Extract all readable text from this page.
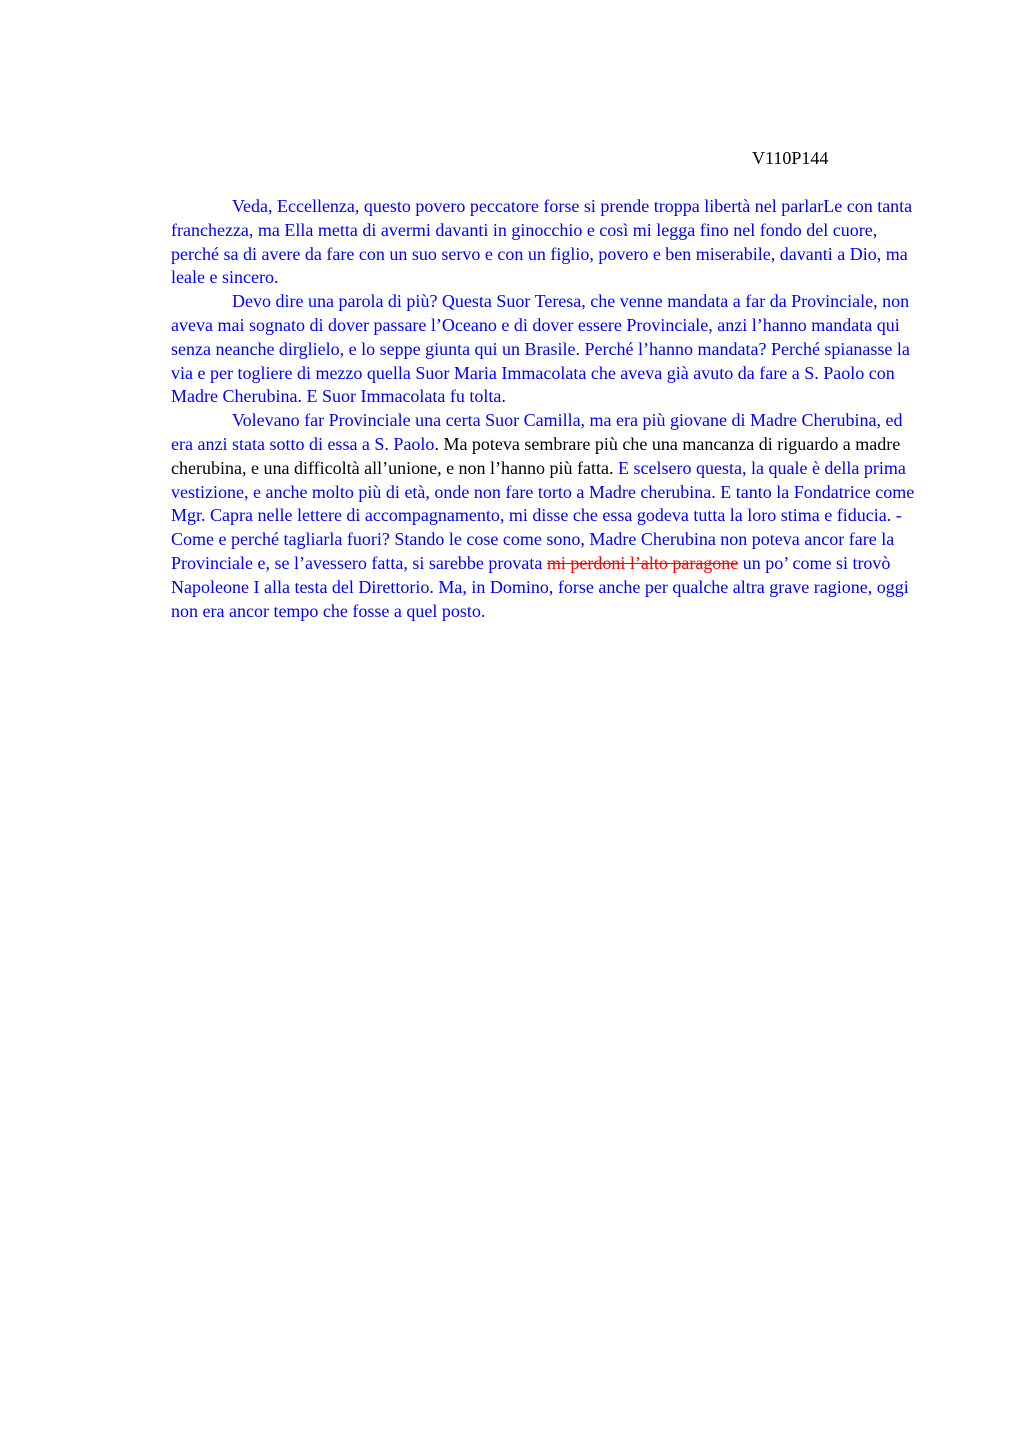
V110P144

Veda, Eccellenza, questo povero peccatore forse si prende troppa libertà nel parlarLe con tanta franchezza, ma Ella metta di avermi davanti in ginocchio e così mi legga fino nel fondo del cuore, perché sa di avere da fare con un suo servo e con un figlio, povero e ben miserabile, davanti a Dio, ma leale e sincero.

Devo dire una parola di più? Questa Suor Teresa, che venne mandata a far da Provinciale, non aveva mai sognato di dover passare l’Oceano e di dover essere Provinciale, anzi l’hanno mandata qui senza neanche dirglielo, e lo seppe giunta qui un Brasile. Perché l’hanno mandata? Perché spianasse la via e per togliere di mezzo quella Suor Maria Immacolata che aveva già avuto da fare a S. Paolo con Madre Cherubina. E Suor Immacolata fu tolta.

Volevano far Provinciale una certa Suor Camilla, ma era più giovane di Madre Cherubina, ed era anzi stata sotto di essa a S. Paolo. Ma poteva sembrare più che una mancanza di riguardo a madre cherubina, e una difficoltà all’unione, e non l’hanno più fatta. E scelsero questa, la quale è della prima vestizione, e anche molto più di età, onde non fare torto a Madre cherubina. E tanto la Fondatrice come Mgr. Capra nelle lettere di accompagnamento, mi disse che essa godeva tutta la loro stima e fiducia. - Come e perché tagliarla fuori? Stando le cose come sono, Madre Cherubina non poteva ancor fare la Provinciale e, se l’avessero fatta, si sarebbe provata mi perdoni l’alto paragone un po’ come si trovò Napoleone I alla testa del Direttorio. Ma, in Domino, forse anche per qualche altra grave ragione, oggi non era ancor tempo che fosse a quel posto.
